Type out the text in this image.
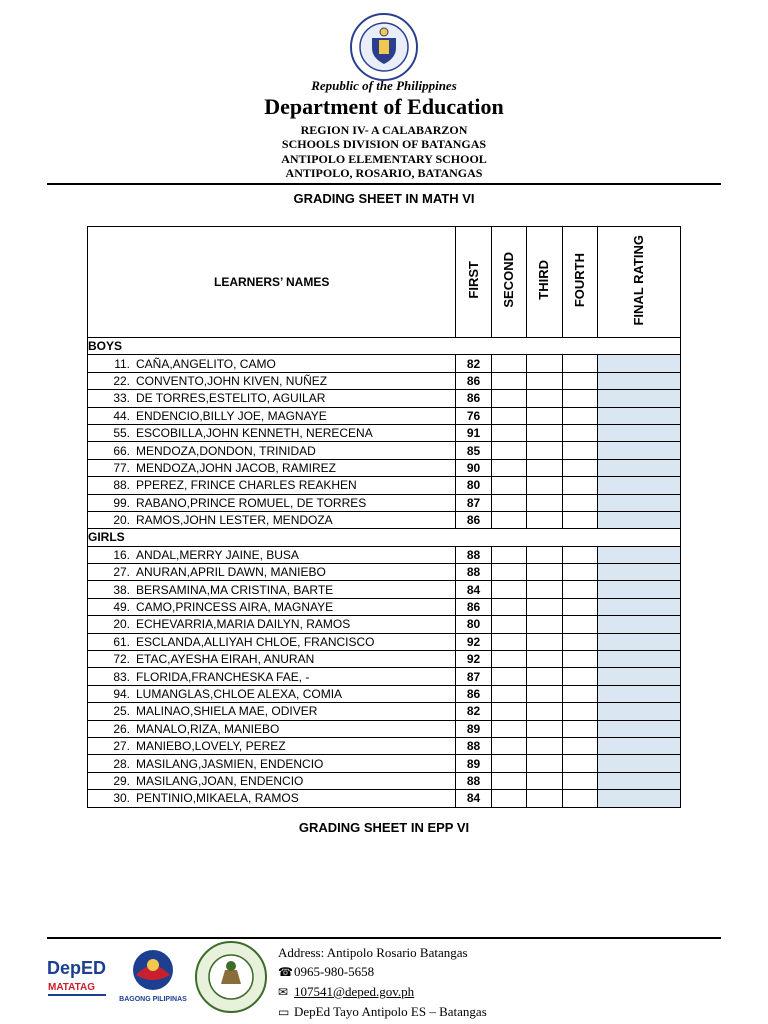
Republic of the Philippines
Department of Education
REGION IV- A CALABARZON
SCHOOLS DIVISION OF BATANGAS
ANTIPOLO ELEMENTARY SCHOOL
ANTIPOLO, ROSARIO, BATANGAS
GRADING SHEET IN MATH VI
LEARNERS’ NAMES	FIRST	SECOND	THIRD	FOURTH	FINAL RATING
BOYS					
11. CAÑA,ANGELITO, CAMO	82				
22. CONVENTO,JOHN KIVEN, NUÑEZ	86				
33. DE TORRES,ESTELITO, AGUILAR	86				
44. ENDENCIO,BILLY JOE, MAGNAYE	76				
55. ESCOBILLA,JOHN KENNETH, NERECENA	91				
66. MENDOZA,DONDON, TRINIDAD	85				
77. MENDOZA,JOHN JACOB, RAMIREZ	90				
88. PPEREZ, FRINCE CHARLES REAKHEN	80				
99. RABANO,PRINCE ROMUEL, DE TORRES	87				
20. RAMOS,JOHN LESTER, MENDOZA	86				
GIRLS					
16. ANDAL,MERRY JAINE, BUSA	88				
27. ANURAN,APRIL DAWN, MANIEBO	88				
38. BERSAMINA,MA CRISTINA, BARTE	84				
49. CAMO,PRINCESS AIRA, MAGNAYE	86				
20. ECHEVARRIA,MARIA DAILYN, RAMOS	80				
61. ESCLANDA,ALLIYAH CHLOE, FRANCISCO	92				
72. ETAC,AYESHA EIRAH, ANURAN	92				
83. FLORIDA,FRANCHESKA FAE, -	87				
94. LUMANGLAS,CHLOE ALEXA, COMIA	86				
25. MALINAO,SHIELA MAE, ODIVER	82				
26. MANALO,RIZA, MANIEBO	89				
27. MANIEBO,LOVELY, PEREZ	88				
28. MASILANG,JASMIEN, ENDENCIO	89				
29. MASILANG,JOAN, ENDENCIO	88				
30. PENTINIO,MIKAELA, RAMOS	84				
GRADING SHEET IN EPP VI
DepED
MATATAG
BAGONG PILIPINAS
Address: Antipolo Rosario Batangas
☎0965-980-5658
✉ 107541@deped.gov.ph
▭ DepEd Tayo Antipolo ES – Batangas
